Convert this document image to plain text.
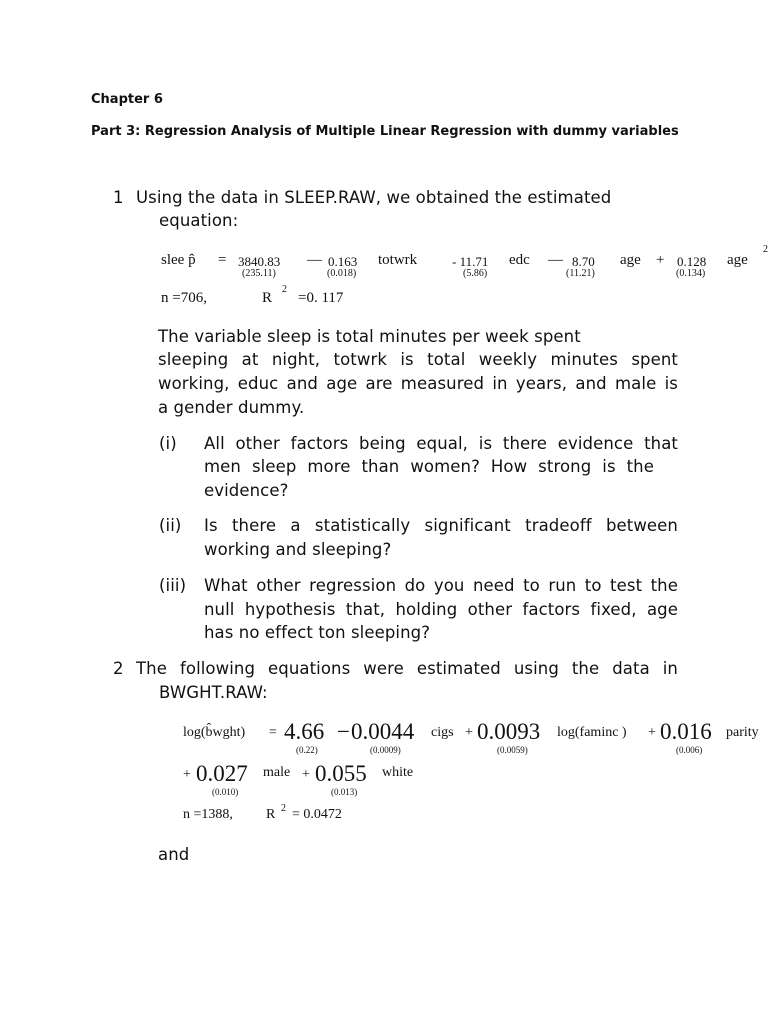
Chapter 6
Part 3: Regression Analysis of Multiple Linear Regression with dummy variables
1 Using the data in SLEEP.RAW, we obtained the estimated
equation:
slee p̂ = 3840.83 — 0.163 totwrk	- 11.71 edc — 8.70 age + 0.128 age
2
(235.11)	(0.018)	(5.86)	(11.21)	(0.134)
n =706,	R
2
=0. 117
The variable sleep is total minutes per week spent
sleeping at night, totwrk is total weekly minutes spent
working, educ and age are measured in years, and male is
a gender dummy.
(i) All other factors being equal, is there evidence that
men sleep more than women? How strong is the
evidence?
(ii) Is there a statistically significant tradeoff between
working and sleeping?
(iii) What other regression do you need to run to test the
null hypothesis that, holding other factors fixed, age
has no effect ton sleeping?
2 The following equations were estimated using the data in
BWGHT.RAW:
log(b̂wght) = 4.66 − 0.0044 cigs + 0.0093 log(faminc ) + 0.016 parity
(0.22)	(0.0009)	(0.0059)	(0.006)
+ 0.027 male + 0.055 white
(0.010)	(0.013)
n =1388, R 2 = 0.0472
and
